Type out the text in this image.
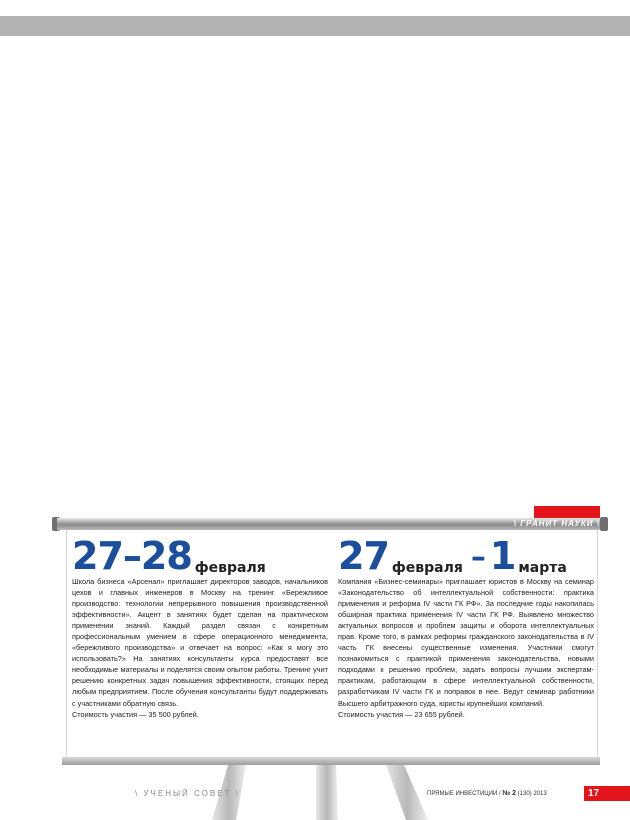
\ ГРАНИТ НАУКИ \
27–28 февраля

Школа бизнеса «Арсенал» приглашает директоров заводов, начальников цехов и главных инженеров в Москву на тренинг «Бережливое производство: технологии непрерывного повышения производственной эффективности». Акцент в занятиях будет сделан на практическом применении знаний. Каждый раздел связан с конкретным профессиональным умением в сфере операционного менеджмента, «бережливого производства» и отвечает на вопрос: «Как я могу это использовать?» На занятиях консультанты курса предоставят все необходимые материалы и поделятся своим опытом работы. Тренинг учит решению конкретных задач повышения эффективности, стоящих перед любым предприятием. После обучения консультанты будут поддерживать с участниками обратную связь.

Стоимость участия — 35 500 рублей.

27 февраля – 1 марта

Компания «Бизнес-семинары» приглашает юристов в Москву на семинар «Законодательство об интеллектуальной собственности: практика применения и реформа IV части ГК РФ». За последние годы накопилась обширная практика применения IV части ГК РФ. Выявлено множество актуальных вопросов и проблем защиты и оборота интеллектуальных прав. Кроме того, в рамках реформы гражданского законодательства в IV часть ГК внесены существенные изменения. Участники смогут познакомиться с практикой применения законодательства, новыми подходами к решению проблем, задать вопросы лучшим экспертам-практикам, работающим в сфере интеллектуальной собственности, разработчикам IV части ГК и поправок в нее. Ведут семинар работники Высшего арбитражного суда, юристы крупнейших компаний.

Стоимость участия — 23 655 рублей.

\ УЧЕНЫЙ СОВЕТ \	ПРЯМЫЕ ИНВЕСТИЦИИ / № 2 (130) 2013	17
